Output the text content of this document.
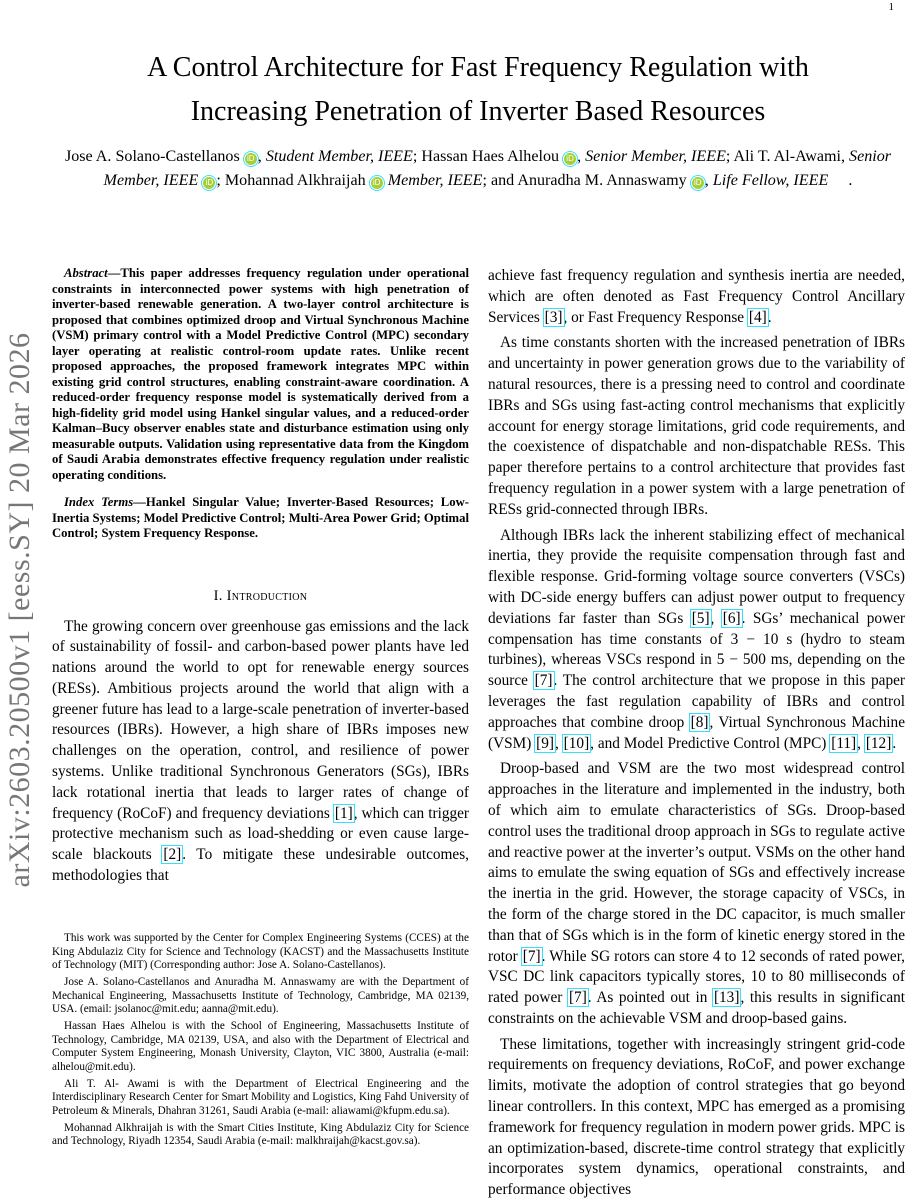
1
arXiv:2603.20500v1 [eess.SY] 20 Mar 2026
A Control Architecture for Fast Frequency Regulation with
Increasing Penetration of Inverter Based Resources
Jose A. Solano-Castellanos iD , Student Member, IEEE; Hassan Haes Alhelou iD , Senior Member, IEEE; Ali T. Al-Awami, Senior Member, IEEE iD ; Mohannad Alkhraijah iD Member, IEEE; and Anuradha M. Annaswamy iD , Life Fellow, IEEE .

Abstract—This paper addresses frequency regulation under operational constraints in interconnected power systems with high penetration of inverter-based renewable generation. A two-layer control architecture is proposed that combines optimized droop and Virtual Synchronous Machine (VSM) primary control with a Model Predictive Control (MPC) secondary layer operating at realistic control-room update rates. Unlike recent proposed approaches, the proposed framework integrates MPC within existing grid control structures, enabling constraint-aware coordination. A reduced-order frequency response model is systematically derived from a high-fidelity grid model using Hankel singular values, and a reduced-order Kalman–Bucy observer enables state and disturbance estimation using only measurable outputs. Validation using representative data from the Kingdom of Saudi Arabia demonstrates effective frequency regulation under realistic operating conditions.

Index Terms—Hankel Singular Value; Inverter-Based Resources; Low-Inertia Systems; Model Predictive Control; Multi-Area Power Grid; Optimal Control; System Frequency Response.

I. Introduction

The growing concern over greenhouse gas emissions and the lack of sustainability of fossil- and carbon-based power plants have led nations around the world to opt for renewable energy sources (RESs). Ambitious projects around the world that align with a greener future has lead to a large-scale penetration of inverter-based resources (IBRs). However, a high share of IBRs imposes new challenges on the operation, control, and resilience of power systems. Unlike traditional Synchronous Generators (SGs), IBRs lack rotational inertia that leads to larger rates of change of frequency (RoCoF) and frequency deviations [1], which can trigger protective mechanism such as load-shedding or even cause large-scale blackouts [2]. To mitigate these undesirable outcomes, methodologies that

This work was supported by the Center for Complex Engineering Systems (CCES) at the King Abdulaziz City for Science and Technology (KACST) and the Massachusetts Institute of Technology (MIT) (Corresponding author: Jose A. Solano-Castellanos).

Jose A. Solano-Castellanos and Anuradha M. Annaswamy are with the Department of Mechanical Engineering, Massachusetts Institute of Technology, Cambridge, MA 02139, USA. (email: jsolanoc@mit.edu; aanna@mit.edu).

Hassan Haes Alhelou is with the School of Engineering, Massachusetts Institute of Technology, Cambridge, MA 02139, USA, and also with the Department of Electrical and Computer System Engineering, Monash University, Clayton, VIC 3800, Australia (e-mail: alhelou@mit.edu).

Ali T. Al- Awami is with the Department of Electrical Engineering and the Interdisciplinary Research Center for Smart Mobility and Logistics, King Fahd University of Petroleum & Minerals, Dhahran 31261, Saudi Arabia (e-mail: aliawami@kfupm.edu.sa).

Mohannad Alkhraijah is with the Smart Cities Institute, King Abdulaziz City for Science and Technology, Riyadh 12354, Saudi Arabia (e-mail: malkhraijah@kacst.gov.sa).

achieve fast frequency regulation and synthesis inertia are needed, which are often denoted as Fast Frequency Control Ancillary Services [3], or Fast Frequency Response [4].

As time constants shorten with the increased penetration of IBRs and uncertainty in power generation grows due to the variability of natural resources, there is a pressing need to control and coordinate IBRs and SGs using fast-acting control mechanisms that explicitly account for energy storage limitations, grid code requirements, and the coexistence of dispatchable and non-dispatchable RESs. This paper therefore pertains to a control architecture that provides fast frequency regulation in a power system with a large penetration of RESs grid-connected through IBRs.

Although IBRs lack the inherent stabilizing effect of mechanical inertia, they provide the requisite compensation through fast and flexible response. Grid-forming voltage source converters (VSCs) with DC-side energy buffers can adjust power output to frequency deviations far faster than SGs [5], [6]. SGs’ mechanical power compensation has time constants of 3 − 10 s (hydro to steam turbines), whereas VSCs respond in 5 − 500 ms, depending on the source [7]. The control architecture that we propose in this paper leverages the fast regulation capability of IBRs and control approaches that combine droop [8], Virtual Synchronous Machine (VSM) [9], [10], and Model Predictive Control (MPC) [11], [12].

Droop-based and VSM are the two most widespread control approaches in the literature and implemented in the industry, both of which aim to emulate characteristics of SGs. Droop-based control uses the traditional droop approach in SGs to regulate active and reactive power at the inverter’s output. VSMs on the other hand aims to emulate the swing equation of SGs and effectively increase the inertia in the grid. However, the storage capacity of VSCs, in the form of the charge stored in the DC capacitor, is much smaller than that of SGs which is in the form of kinetic energy stored in the rotor [7]. While SG rotors can store 4 to 12 seconds of rated power, VSC DC link capacitors typically stores, 10 to 80 milliseconds of rated power [7]. As pointed out in [13], this results in significant constraints on the achievable VSM and droop-based gains.

These limitations, together with increasingly stringent grid-code requirements on frequency deviations, RoCoF, and power exchange limits, motivate the adoption of control strategies that go beyond linear controllers. In this context, MPC has emerged as a promising framework for frequency regulation in modern power grids. MPC is an optimization-based, discrete-time control strategy that explicitly incorporates system dynamics, operational constraints, and performance objectives
